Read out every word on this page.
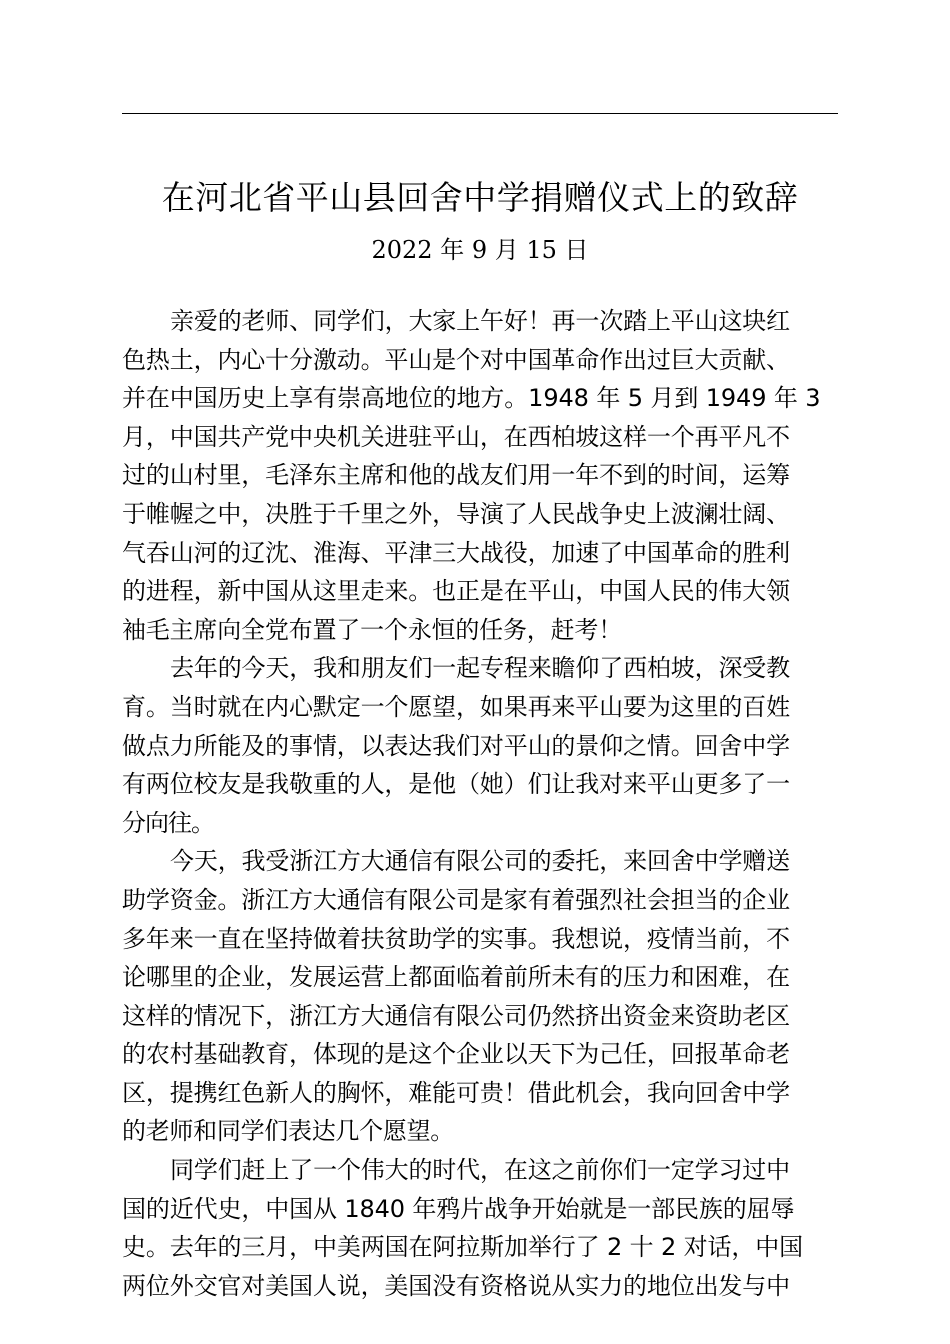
在河北省平山县回舍中学捐赠仪式上的致辞
2022 年 9 月 15 日
亲爱的老师、同学们，大家上午好！再一次踏上平山这块红
色热土，内心十分激动。平山是个对中国革命作出过巨大贡献、
并在中国历史上享有崇高地位的地方。1948 年 5 月到 1949 年 3
月，中国共产党中央机关进驻平山，在西柏坡这样一个再平凡不
过的山村里，毛泽东主席和他的战友们用一年不到的时间，运筹
于帷幄之中，决胜于千里之外，导演了人民战争史上波澜壮阔、
气吞山河的辽沈、淮海、平津三大战役，加速了中国革命的胜利
的进程，新中国从这里走来。也正是在平山，中国人民的伟大领
袖毛主席向全党布置了一个永恒的任务，赶考！
去年的今天，我和朋友们一起专程来瞻仰了西柏坡，深受教
育。当时就在内心默定一个愿望，如果再来平山要为这里的百姓
做点力所能及的事情，以表达我们对平山的景仰之情。回舍中学
有两位校友是我敬重的人，是他（她）们让我对来平山更多了一
分向往。
今天，我受浙江方大通信有限公司的委托，来回舍中学赠送
助学资金。浙江方大通信有限公司是家有着强烈社会担当的企业
多年来一直在坚持做着扶贫助学的实事。我想说，疫情当前，不
论哪里的企业，发展运营上都面临着前所未有的压力和困难，在
这样的情况下，浙江方大通信有限公司仍然挤出资金来资助老区
的农村基础教育，体现的是这个企业以天下为己任，回报革命老
区，提携红色新人的胸怀，难能可贵！借此机会，我向回舍中学
的老师和同学们表达几个愿望。
同学们赶上了一个伟大的时代，在这之前你们一定学习过中
国的近代史，中国从 1840 年鸦片战争开始就是一部民族的屈辱
史。去年的三月，中美两国在阿拉斯加举行了 2 十 2 对话，中国
两位外交官对美国人说，美国没有资格说从实力的地位出发与中
